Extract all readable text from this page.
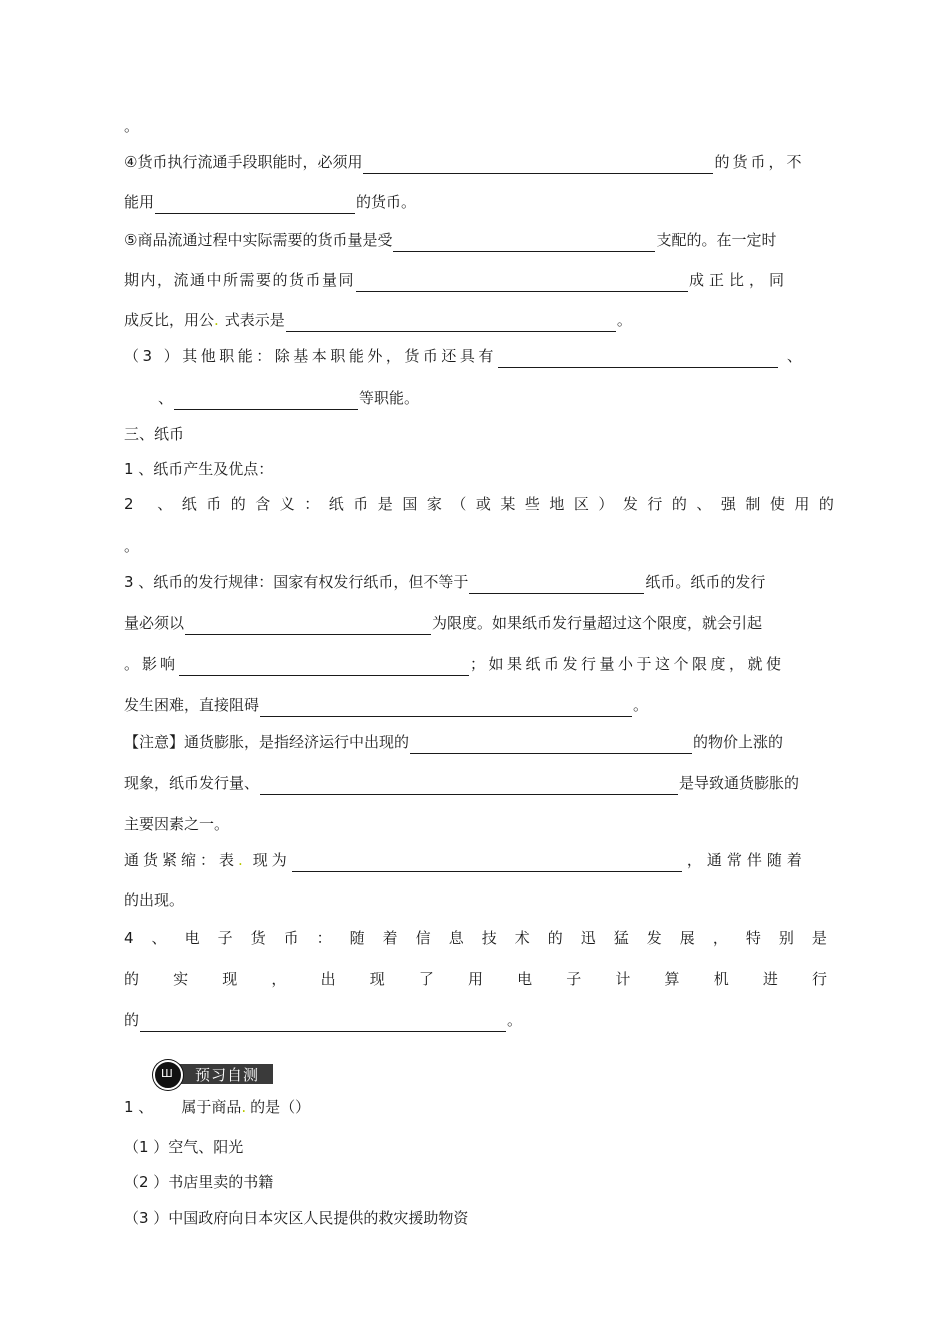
。
④货币执行流通手段职能时，必须用	的货币，不
能用	的货币。
⑤商品流通过程中实际需要的货币量是受	支配的。在一定时
期内，流通中所需要的货币量同	成正比，同
成反比，用公 . 式表示是	。
（3 ）其他职能：除基本职能外，货币还具有	、
、	等职能。
三、纸币
1 、纸币产生及优点：
2 、纸币的含义：纸币是国家（或某些地区）发行的、强制使用的
。
3 、纸币的发行规律：国家有权发行纸币，但不等于	纸币。纸币的发行
量必须以	为限度。如果纸币发行量超过这个限度，就会引起
。影响	；如果纸币发行量小于这个限度，就使
发生困难，直接阻碍	。
【注意】通货膨胀，是指经济运行中出现的	的物价上涨的
现象，纸币发行量、	是导致通货膨胀的
主要因素之一。
通货紧缩：表 . 现为	，通常伴随着
的出现。
4 、 电 子 货 币 ： 随 着 信 息 技 术 的 迅 猛 发 展 ， 特 别 是
的 实 现 ， 出 现 了 用 电 子 计 算 机 进 行
的	。
Ш 预习自测
1 、 属于商品 . 的是（）
（1 ）空气、阳光
（2 ）书店里卖的书籍
（3 ）中国政府向日本灾区人民提供的救灾援助物资
